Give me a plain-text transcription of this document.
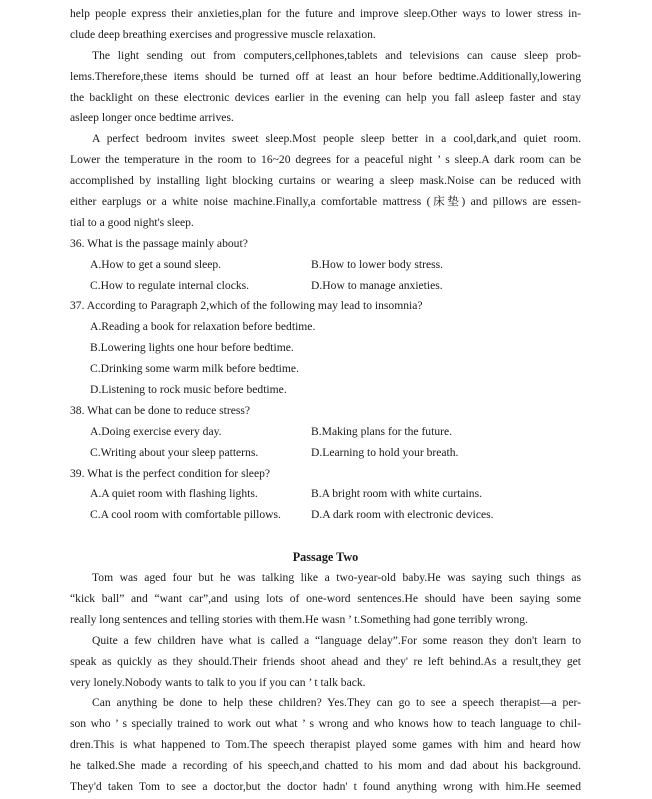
help people express their anxieties,plan for the future and improve sleep.Other ways to lower stress in-
clude deep breathing exercises and progressive muscle relaxation.
The light sending out from computers,cellphones,tablets and televisions can cause sleep prob-
lems.Therefore,these items should be turned off at least an hour before bedtime.Additionally,lowering
the backlight on these electronic devices earlier in the evening can help you fall asleep faster and stay
asleep longer once bedtime arrives.
A perfect bedroom invites sweet sleep.Most people sleep better in a cool,dark,and quiet room.
Lower the temperature in the room to 16~20 degrees for a peaceful night ’ s sleep.A dark room can be
accomplished by installing light blocking curtains or wearing a sleep mask.Noise can be reduced with
either earplugs or a white noise machine.Finally,a comfortable mattress (床垫) and pillows are essen-
tial to a good night's sleep.
36. What is the passage mainly about?
A.How to get a sound sleep.	B.How to lower body stress.
C.How to regulate internal clocks.	D.How to manage anxieties.
37. According to Paragraph 2,which of the following may lead to insomnia?
A.Reading a book for relaxation before bedtime.
B.Lowering lights one hour before bedtime.
C.Drinking some warm milk before bedtime.
D.Listening to rock music before bedtime.
38. What can be done to reduce stress?
A.Doing exercise every day.	B.Making plans for the future.
C.Writing about your sleep patterns.	D.Learning to hold your breath.
39. What is the perfect condition for sleep?
A.A quiet room with flashing lights.	B.A bright room with white curtains.
C.A cool room with comfortable pillows.	D.A dark room with electronic devices.
Passage Two
Tom was aged four but he was talking like a two-year-old baby.He was saying such things as
“kick ball” and “want car”,and using lots of one-word sentences.He should have been saying some
really long sentences and telling stories with them.He wasn ’ t.Something had gone terribly wrong.
Quite a few children have what is called a “language delay”.For some reason they don't learn to
speak as quickly as they should.Their friends shoot ahead and they' re left behind.As a result,they get
very lonely.Nobody wants to talk to you if you can ’ t talk back.
Can anything be done to help these children? Yes.They can go to see a speech therapist—a per-
son who ’ s specially trained to work out what ’ s wrong and who knows how to teach language to chil-
dren.This is what happened to Tom.The speech therapist played some games with him and heard how
he talked.She made a recording of his speech,and chatted to his mom and dad about his background.
They'd taken Tom to see a doctor,but the doctor hadn' t found anything wrong with him.He seemed
